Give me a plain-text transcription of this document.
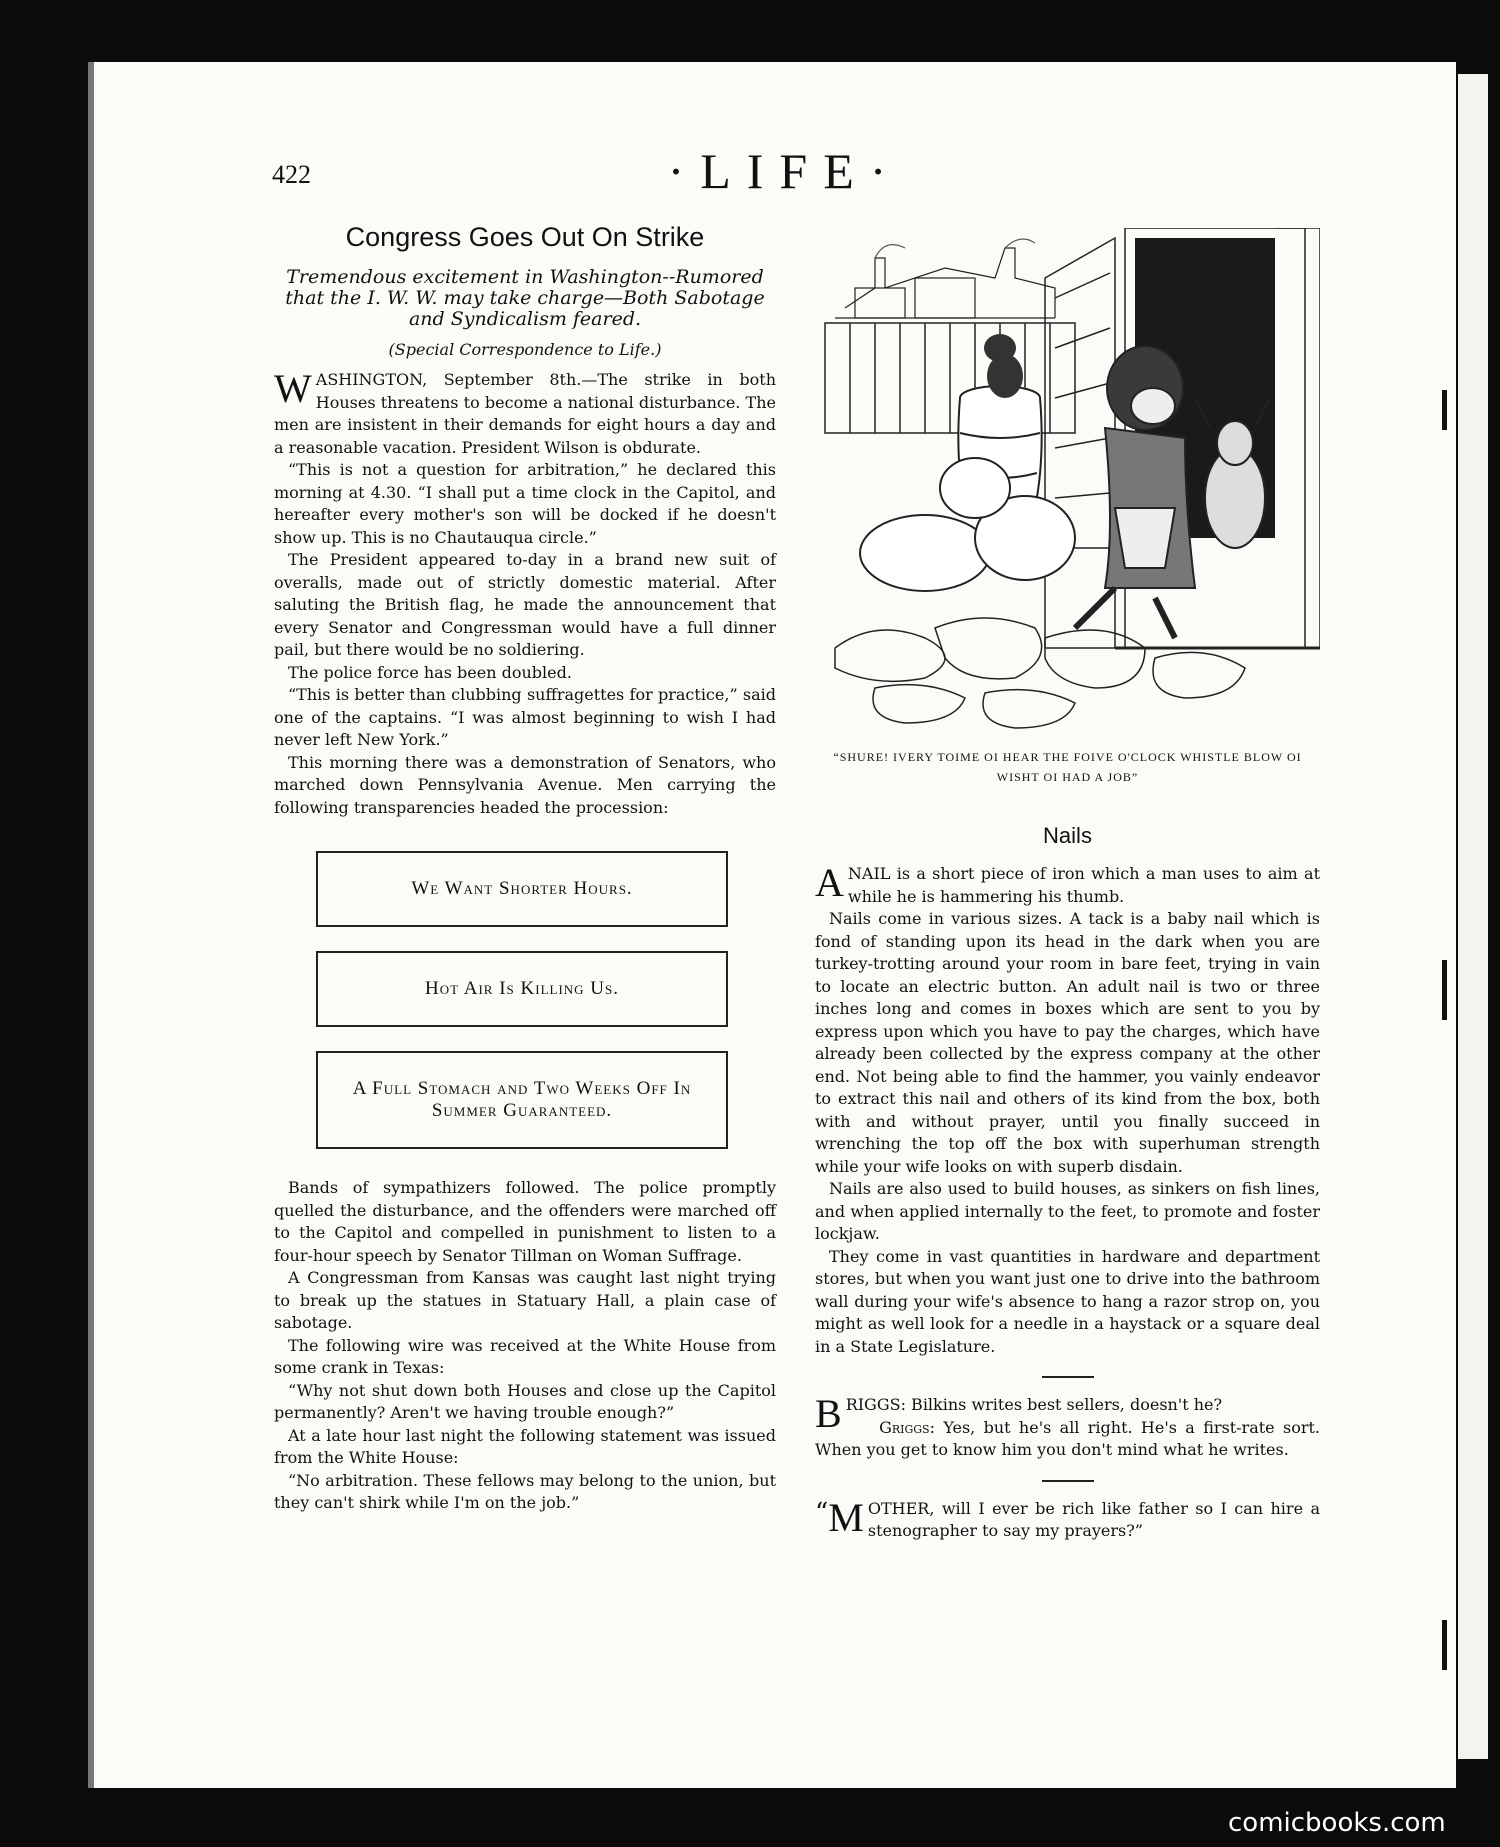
422	·LIFE·
Congress Goes Out On Strike
Tremendous excitement in Washington--Rumored that the I. W. W. may take charge—Both Sabotage and Syndicalism feared.
(Special Correspondence to Life.)

WASHINGTON, September 8th.—The strike in both Houses threatens to become a national disturbance. The men are insistent in their demands for eight hours a day and a reasonable vacation. President Wilson is obdurate.

“This is not a question for arbitration,” he declared this morning at 4.30. “I shall put a time clock in the Capitol, and hereafter every mother's son will be docked if he doesn't show up. This is no Chautauqua circle.”

The President appeared to-day in a brand new suit of overalls, made out of strictly domestic material. After saluting the British flag, he made the announcement that every Senator and Congressman would have a full dinner pail, but there would be no soldiering.

The police force has been doubled.

“This is better than clubbing suffragettes for practice,” said one of the captains. “I was almost beginning to wish I had never left New York.”

This morning there was a demonstration of Senators, who marched down Pennsylvania Avenue. Men carrying the following transparencies headed the procession:

We Want Shorter Hours.
Hot Air Is Killing Us.
A Full Stomach and Two Weeks Off In Summer Guaranteed.

Bands of sympathizers followed. The police promptly quelled the disturbance, and the offenders were marched off to the Capitol and compelled in punishment to listen to a four-hour speech by Senator Tillman on Woman Suffrage.

A Congressman from Kansas was caught last night trying to break up the statues in Statuary Hall, a plain case of sabotage.

The following wire was received at the White House from some crank in Texas:

“Why not shut down both Houses and close up the Capitol permanently? Aren't we having trouble enough?”

At a late hour last night the following statement was issued from the White House:

“No arbitration. These fellows may belong to the union, but they can't shirk while I'm on the job.”

“SHURE! IVERY TOIME OI HEAR THE FOIVE O'CLOCK WHISTLE BLOW OI WISHT OI HAD A JOB”
Nails

ANAIL is a short piece of iron which a man uses to aim at while he is hammering his thumb.

Nails come in various sizes. A tack is a baby nail which is fond of standing upon its head in the dark when you are turkey-trotting around your room in bare feet, trying in vain to locate an electric button. An adult nail is two or three inches long and comes in boxes which are sent to you by express upon which you have to pay the charges, which have already been collected by the express company at the other end. Not being able to find the hammer, you vainly endeavor to extract this nail and others of its kind from the box, both with and without prayer, until you finally succeed in wrenching the top off the box with superhuman strength while your wife looks on with superb disdain.

Nails are also used to build houses, as sinkers on fish lines, and when applied internally to the feet, to promote and foster lockjaw.

They come in vast quantities in hardware and department stores, but when you want just one to drive into the bathroom wall during your wife's absence to hang a razor strop on, you might as well look for a needle in a haystack or a square deal in a State Legislature.

BRIGGS: Bilkins writes best sellers, doesn't he?
Griggs: Yes, but he's all right. He's a first-rate sort. When you get to know him you don't mind what he writes.

“ M OTHER, will I ever be rich like father so I can hire a stenographer to say my prayers?”

comicbooks.com
